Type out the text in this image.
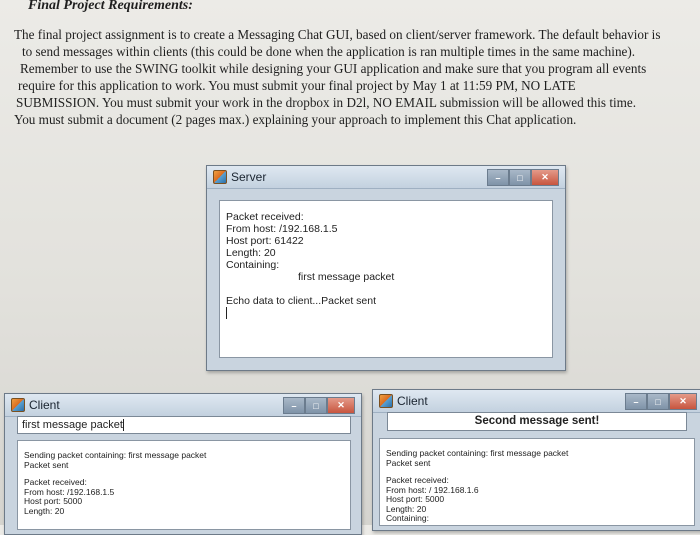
Final Project Requirements:

The final project assignment is to create a Messaging Chat GUI, based on client/server framework. The default behavior is
to send messages within clients (this could be done when the application is ran multiple times in the same machine).
Remember to use the SWING toolkit while designing your GUI application and make sure that you program all events
require for this application to work. You must submit your final project by May 1 at 11:59 PM, NO LATE
SUBMISSION. You must submit your work in the dropbox in D2l, NO EMAIL submission will be allowed this time.
You must submit a document (2 pages max.) explaining your approach to implement this Chat application.

Server	–	□	✕
Packet received:
From host: /192.168.1.5
Host port: 61422
Length: 20
Containing:
first message packet
Echo data to client...Packet sent
Client	–	□	✕
first message packet
Sending packet containing: first message packet
Packet sent
Packet received:
From host: /192.168.1.5
Host port: 5000
Length: 20
Client	–	□	✕
Second message sent!
Sending packet containing: first message packet
Packet sent
Packet received:
From host: / 192.168.1.6
Host port: 5000
Length: 20
Containing:
